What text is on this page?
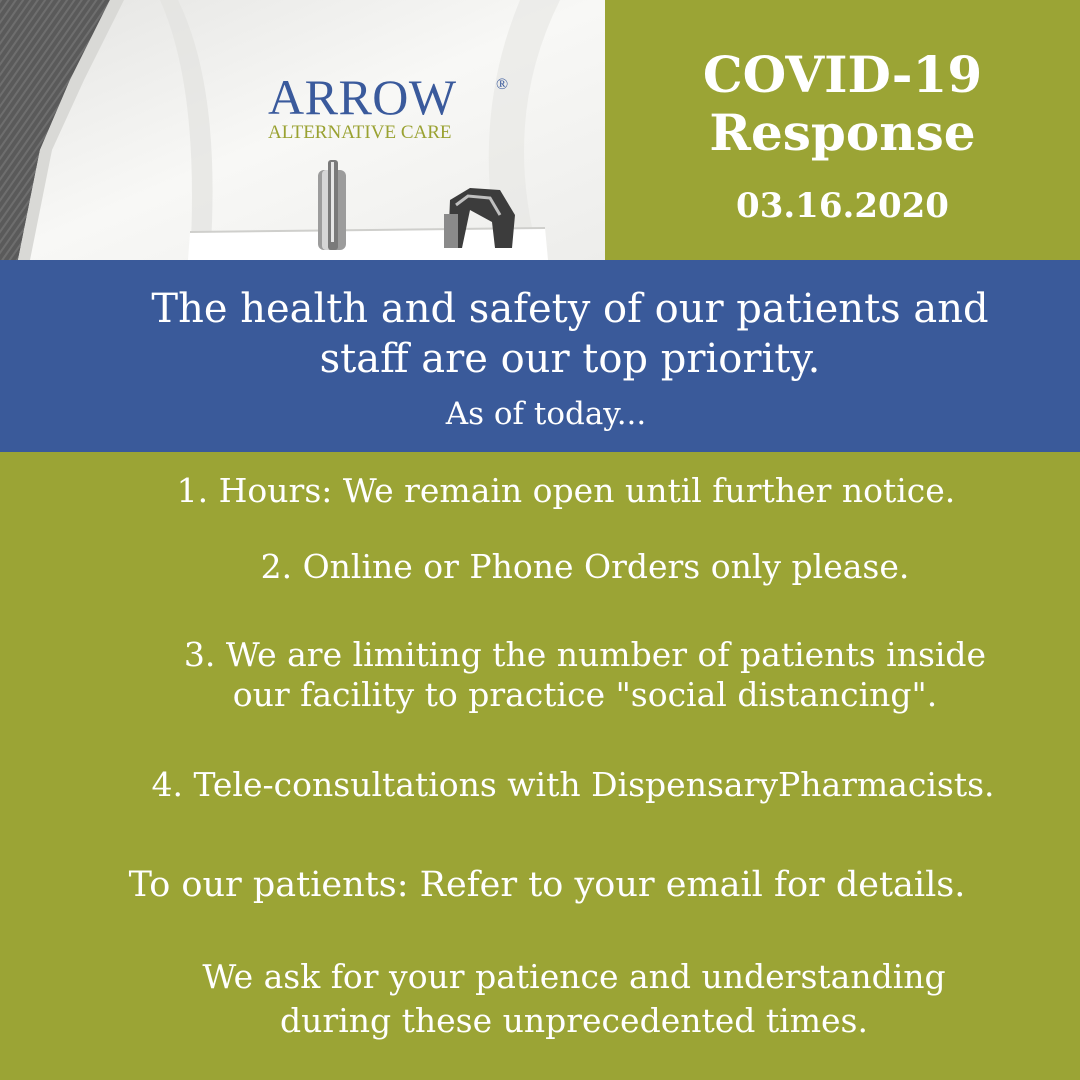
ARROW ®
ALTERNATIVE CARE
COVID-19
Response
03.16.2020
The health and safety of our patients and
staff are our top priority.
As of today...
1. Hours: We remain open until further notice.
2. Online or Phone Orders only please.
3. We are limiting the number of patients inside
our facility to practice "social distancing".
4. Tele-consultations with DispensaryPharmacists.
To our patients: Refer to your email for details.
We ask for your patience and understanding
during these unprecedented times.
